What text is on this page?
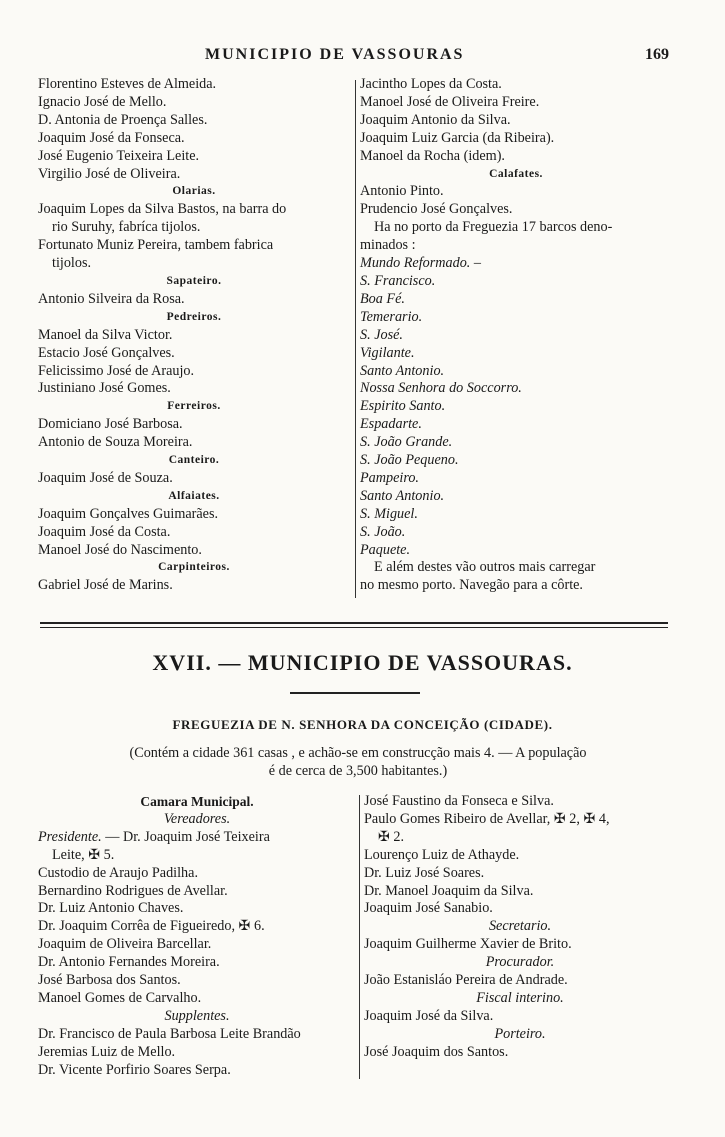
MUNICIPIO DE VASSOURAS	169
Florentino Esteves de Almeida.
Ignacio José de Mello.
D. Antonia de Proença Salles.
Joaquim José da Fonseca.
José Eugenio Teixeira Leite.
Virgilio José de Oliveira.
Olarias.
Joaquim Lopes da Silva Bastos, na barra do
rio Suruhy, fabríca tijolos.
Fortunato Muniz Pereira, tambem fabrica
tijolos.
Sapateiro.
Antonio Silveira da Rosa.
Pedreiros.
Manoel da Silva Victor.
Estacio José Gonçalves.
Felicissimo José de Araujo.
Justiniano José Gomes.
Ferreiros.
Domiciano José Barbosa.
Antonio de Souza Moreira.
Canteiro.
Joaquim José de Souza.
Alfaiates.
Joaquim Gonçalves Guimarães.
Joaquim José da Costa.
Manoel José do Nascimento.
Carpinteiros.
Gabriel José de Marins.
Jacintho Lopes da Costa.
Manoel José de Oliveira Freire.
Joaquim Antonio da Silva.
Joaquim Luiz Garcia (da Ribeira).
Manoel da Rocha (idem).
Calafates.
Antonio Pinto.
Prudencio José Gonçalves.
Ha no porto da Freguezia 17 barcos deno-
minados :
Mundo Reformado. –
S. Francisco.
Boa Fé.
Temerario.
S. José.
Vigilante.
Santo Antonio.
Nossa Senhora do Soccorro.
Espirito Santo.
Espadarte.
S. João Grande.
S. João Pequeno.
Pampeiro.
Santo Antonio.
S. Miguel.
S. João.
Paquete.
E além destes vão outros mais carregar
no mesmo porto. Navegão para a côrte.
XVII. — MUNICIPIO DE VASSOURAS.
FREGUEZIA DE N. SENHORA DA CONCEIÇÃO (CIDADE).
(Contém a cidade 361 casas , e achão-se em construcção mais 4. — A população
é de cerca de 3,500 habitantes.)
Camara Municipal.
Vereadores.
Presidente. — Dr. Joaquim José Teixeira
Leite, ✠ 5.
Custodio de Araujo Padilha.
Bernardino Rodrigues de Avellar.
Dr. Luiz Antonio Chaves.
Dr. Joaquim Corrêa de Figueiredo, ✠ 6.
Joaquim de Oliveira Barcellar.
Dr. Antonio Fernandes Moreira.
José Barbosa dos Santos.
Manoel Gomes de Carvalho.
Supplentes.
Dr. Francisco de Paula Barbosa Leite Brandão
Jeremias Luiz de Mello.
Dr. Vicente Porfirio Soares Serpa.
José Faustino da Fonseca e Silva.
Paulo Gomes Ribeiro de Avellar, ✠ 2, ✠ 4,
✠ 2.
Lourenço Luiz de Athayde.
Dr. Luiz José Soares.
Dr. Manoel Joaquim da Silva.
Joaquim José Sanabio.
Secretario.
Joaquim Guilherme Xavier de Brito.
Procurador.
João Estanisláo Pereira de Andrade.
Fiscal interino.
Joaquim José da Silva.
Porteiro.
José Joaquim dos Santos.
